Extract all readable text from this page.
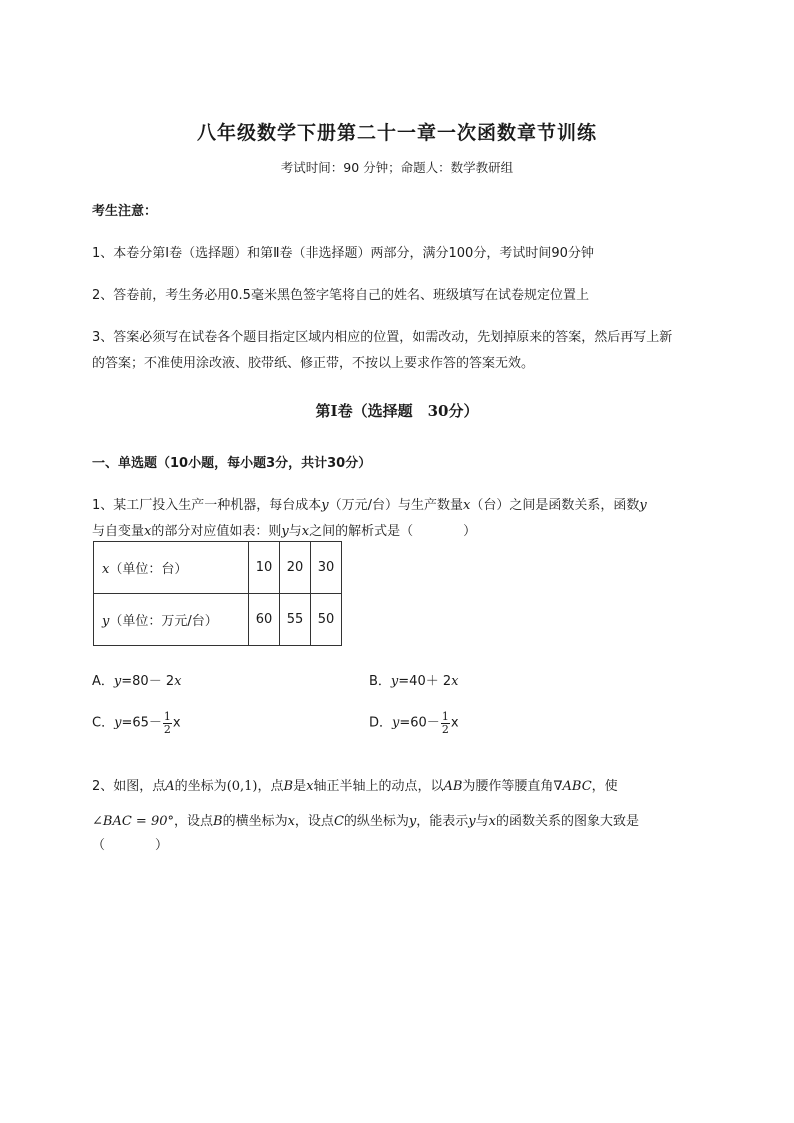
八年级数学下册第二十一章一次函数章节训练
考试时间：90 分钟；命题人：数学教研组
考生注意：
1、本卷分第Ⅰ卷（选择题）和第Ⅱ卷（非选择题）两部分，满分100分，考试时间90分钟
2、答卷前，考生务必用0.5毫米黑色签字笔将自己的姓名、班级填写在试卷规定位置上
3、答案必须写在试卷各个题目指定区域内相应的位置，如需改动，先划掉原来的答案，然后再写上新
的答案；不准使用涂改液、胶带纸、修正带，不按以上要求作答的答案无效。
第Ⅰ卷（选择题　30分）
一、单选题（10小题，每小题3分，共计30分）
1、某工厂投入生产一种机器，每台成本y（万元/台）与生产数量x（台）之间是函数关系，函数y
与自变量x的部分对应值如表：则y与x之间的解析式是（	）
x（单位：台）	10	20	30
y（单位：万元/台）	60	55	50
A．y=80－ 2x	B．y=40＋ 2x
C．$y=65- \frac{1}{2}$ x	D．$y=60- \frac{1}{2}$ x
2、如图，点A的坐标为(0,1)，点B是x轴正半轴上的动点，以AB为腰作等腰直角∇ABC，使
∠BAC = 90°，设点B的横坐标为x，设点C的纵坐标为y，能表示y与x的函数关系的图象大致是
（	）
